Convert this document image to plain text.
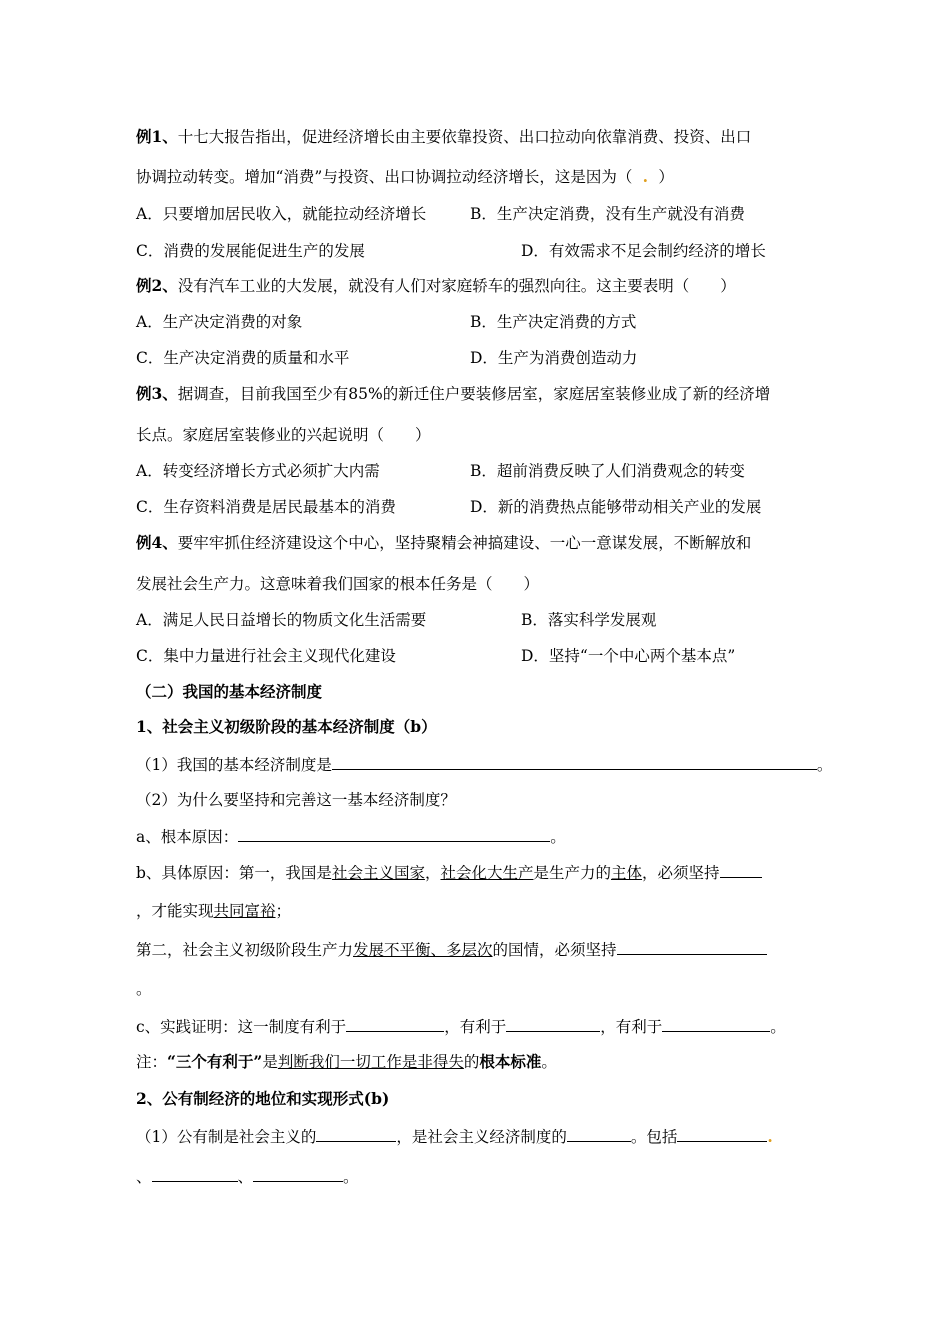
例1、十七大报告指出，促进经济增长由主要依靠投资、出口拉动向依靠消费、投资、出口
协调拉动转变。增加“消费”与投资、出口协调拉动经济增长，这是因为（ . ）
A．只要增加居民收入，就能拉动经济增长	B．生产决定消费，没有生产就没有消费
C．消费的发展能促进生产的发展	D．有效需求不足会制约经济的增长
例2、没有汽车工业的大发展，就没有人们对家庭轿车的强烈向往。这主要表明（　　）
A．生产决定消费的对象	B．生产决定消费的方式
C．生产决定消费的质量和水平	D．生产为消费创造动力
例3、据调查，目前我国至少有85%的新迁住户要装修居室，家庭居室装修业成了新的经济增
长点。家庭居室装修业的兴起说明（　　）
A．转变经济增长方式必须扩大内需	B．超前消费反映了人们消费观念的转变
C．生存资料消费是居民最基本的消费	D．新的消费热点能够带动相关产业的发展
例4、要牢牢抓住经济建设这个中心，坚持聚精会神搞建设、一心一意谋发展，不断解放和
发展社会生产力。这意味着我们国家的根本任务是（　　）
A．满足人民日益增长的物质文化生活需要	B．落实科学发展观
C．集中力量进行社会主义现代化建设	D．坚持“一个中心两个基本点”
（二）我国的基本经济制度
1、社会主义初级阶段的基本经济制度（b）
（1）我国的基本经济制度是	。
（2）为什么要坚持和完善这一基本经济制度？
a、根本原因：	。
b、具体原因：第一，我国是社会主义国家，社会化大生产是生产力的主体，必须坚持
，才能实现共同富裕；
第二，社会主义初级阶段生产力发展不平衡、多层次的国情，必须坚持
。
c、实践证明：这一制度有利于	，有利于	，有利于	。
注：“三个有利于”是判断我们一切工作是非得失的根本标准。
2、公有制经济的地位和实现形式(b)
（1）公有制是社会主义的	，是社会主义经济制度的	。包括	.
、	、	。
